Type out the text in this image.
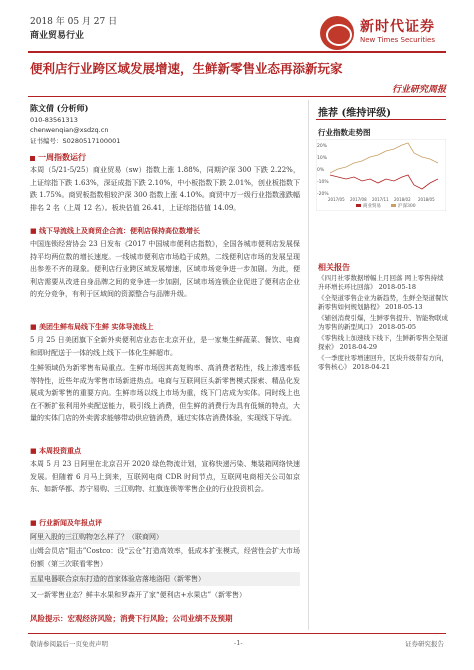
2018 年 05 月 27 日
商业贸易行业
新时代证券
New Times Securities
便利店行业跨区域发展增速，生鲜新零售业态再添新玩家
行业研究周报
陈文倩 (分析师)
010-83561313
chenwenqian@xsdzq.cn
证书编号：S0280517100001
推荐 (维持评级)
行业指数走势图
20%
10%
0%
-10%
-20%
2017/05 2017/08 2017/11 2018/02 2018/05
商业贸易	沪深300
相关报告
《四月社零数据增幅上月回落 网上零售持续升环增长环比回落》 2018-05-18
《全渠道零售企业为新趋势，生鲜全渠道餐饮新零售如何规划路程》 2018-05-13
《辅创消费引爆，生鲜零售提升、智能物联成为零售的新型风口》 2018-05-05
《零售线上加速线下线下，生鲜新零售全渠道探索》 2018-04-29
《一季度社零增速回升，区块升级带有方向，零售核心》 2018-04-21
一周指数运行
本周（5/21-5/25）商业贸易（sw）指数上涨 1.88%，同期沪深 300 下跌 2.22%，上证综指下跌 1.63%，深证成指下跌 2.10%，中小板指数下跌 2.01%，创业板指数下跌 1.75%。商贸板指数相较沪深 300 指数上涨 4.10%。商贸中万一级行业指数涨跌幅排名 2 名（上周 12 名）。板块估值 26.41，上证综指估值 14.09。
■ 线下导流线上及商贸企合流：便利店保持高位数增长
中国连锁经营协会 23 日发布《2017 中国城市便利店指数》，全国各城市便利店发展保持平均两位数的增长速度。一线城市便利店市场趋于成熟，二线便利店市场的发展呈现出参差不齐的现象。便利店行业跨区域发展增速，区域市场竞争进一步加剧。为此，便利店需要从改进自身品牌之间的竞争进一步加剧，区域市场连锁企业促进了便利店企业的充分竞争，有利于区域间的资源整合与品牌升级。
■ 美团生鲜布局线下生鲜 实体导流线上
5 月 25 日美团旗下全新外卖便利店业态在北京开业，是一家集生鲜蔬菜、餐饮、电商和即时配送于一体的线上线下一体化生鲜超市。
生鲜领域仍为新零售布局重点。生鲜市场因其高复购率、高消费者粘性，线上渗透率低等特性，近些年成为零售市场新进热点。电商与互联网巨头新零售模式探索、精品化发展成为新零售的重要方向。生鲜市场以线上市场为重，线下门店成为实体。同时线上也在不断扩张利用外卖配送能力，吸引线上消费，但生鲜的消费行为具有低频的特点，大量的实体门店的外卖需求能够带动供应链消费，通过实体店消费体验，实现线下导流。
■ 本周投资重点
本周 5 月 23 日阿里在北京召开 2020 绿色物流计划，宣称快递污染、集装箱网络快速发展。但随着 6 月马上到来，互联网电商 CDR 时间节点，互联网电商相关公司如京东、如新华都、苏宁易购、三江购物、红旗连锁等零售企业的行业投资机会。
■ 行业新闻及年报点评
阿里入股的三江购物怎么样了？（联商网）
山姆会员店“阻击”Costco：设“云仓”打造高效率，低成本扩张模式，经营性会扩大市场份额（第三次联看零售）
五星电器联合京东打造的首家体验店落地洛阳（新零售）
又一新零售业态？鲜丰水果和罗森开了家“便利店+水果店”（新零售）
风险提示：宏观经济风险；消费下行风险；公司业绩不及预期
敬请参阅最后一页免责声明	-1-	证券研究报告
